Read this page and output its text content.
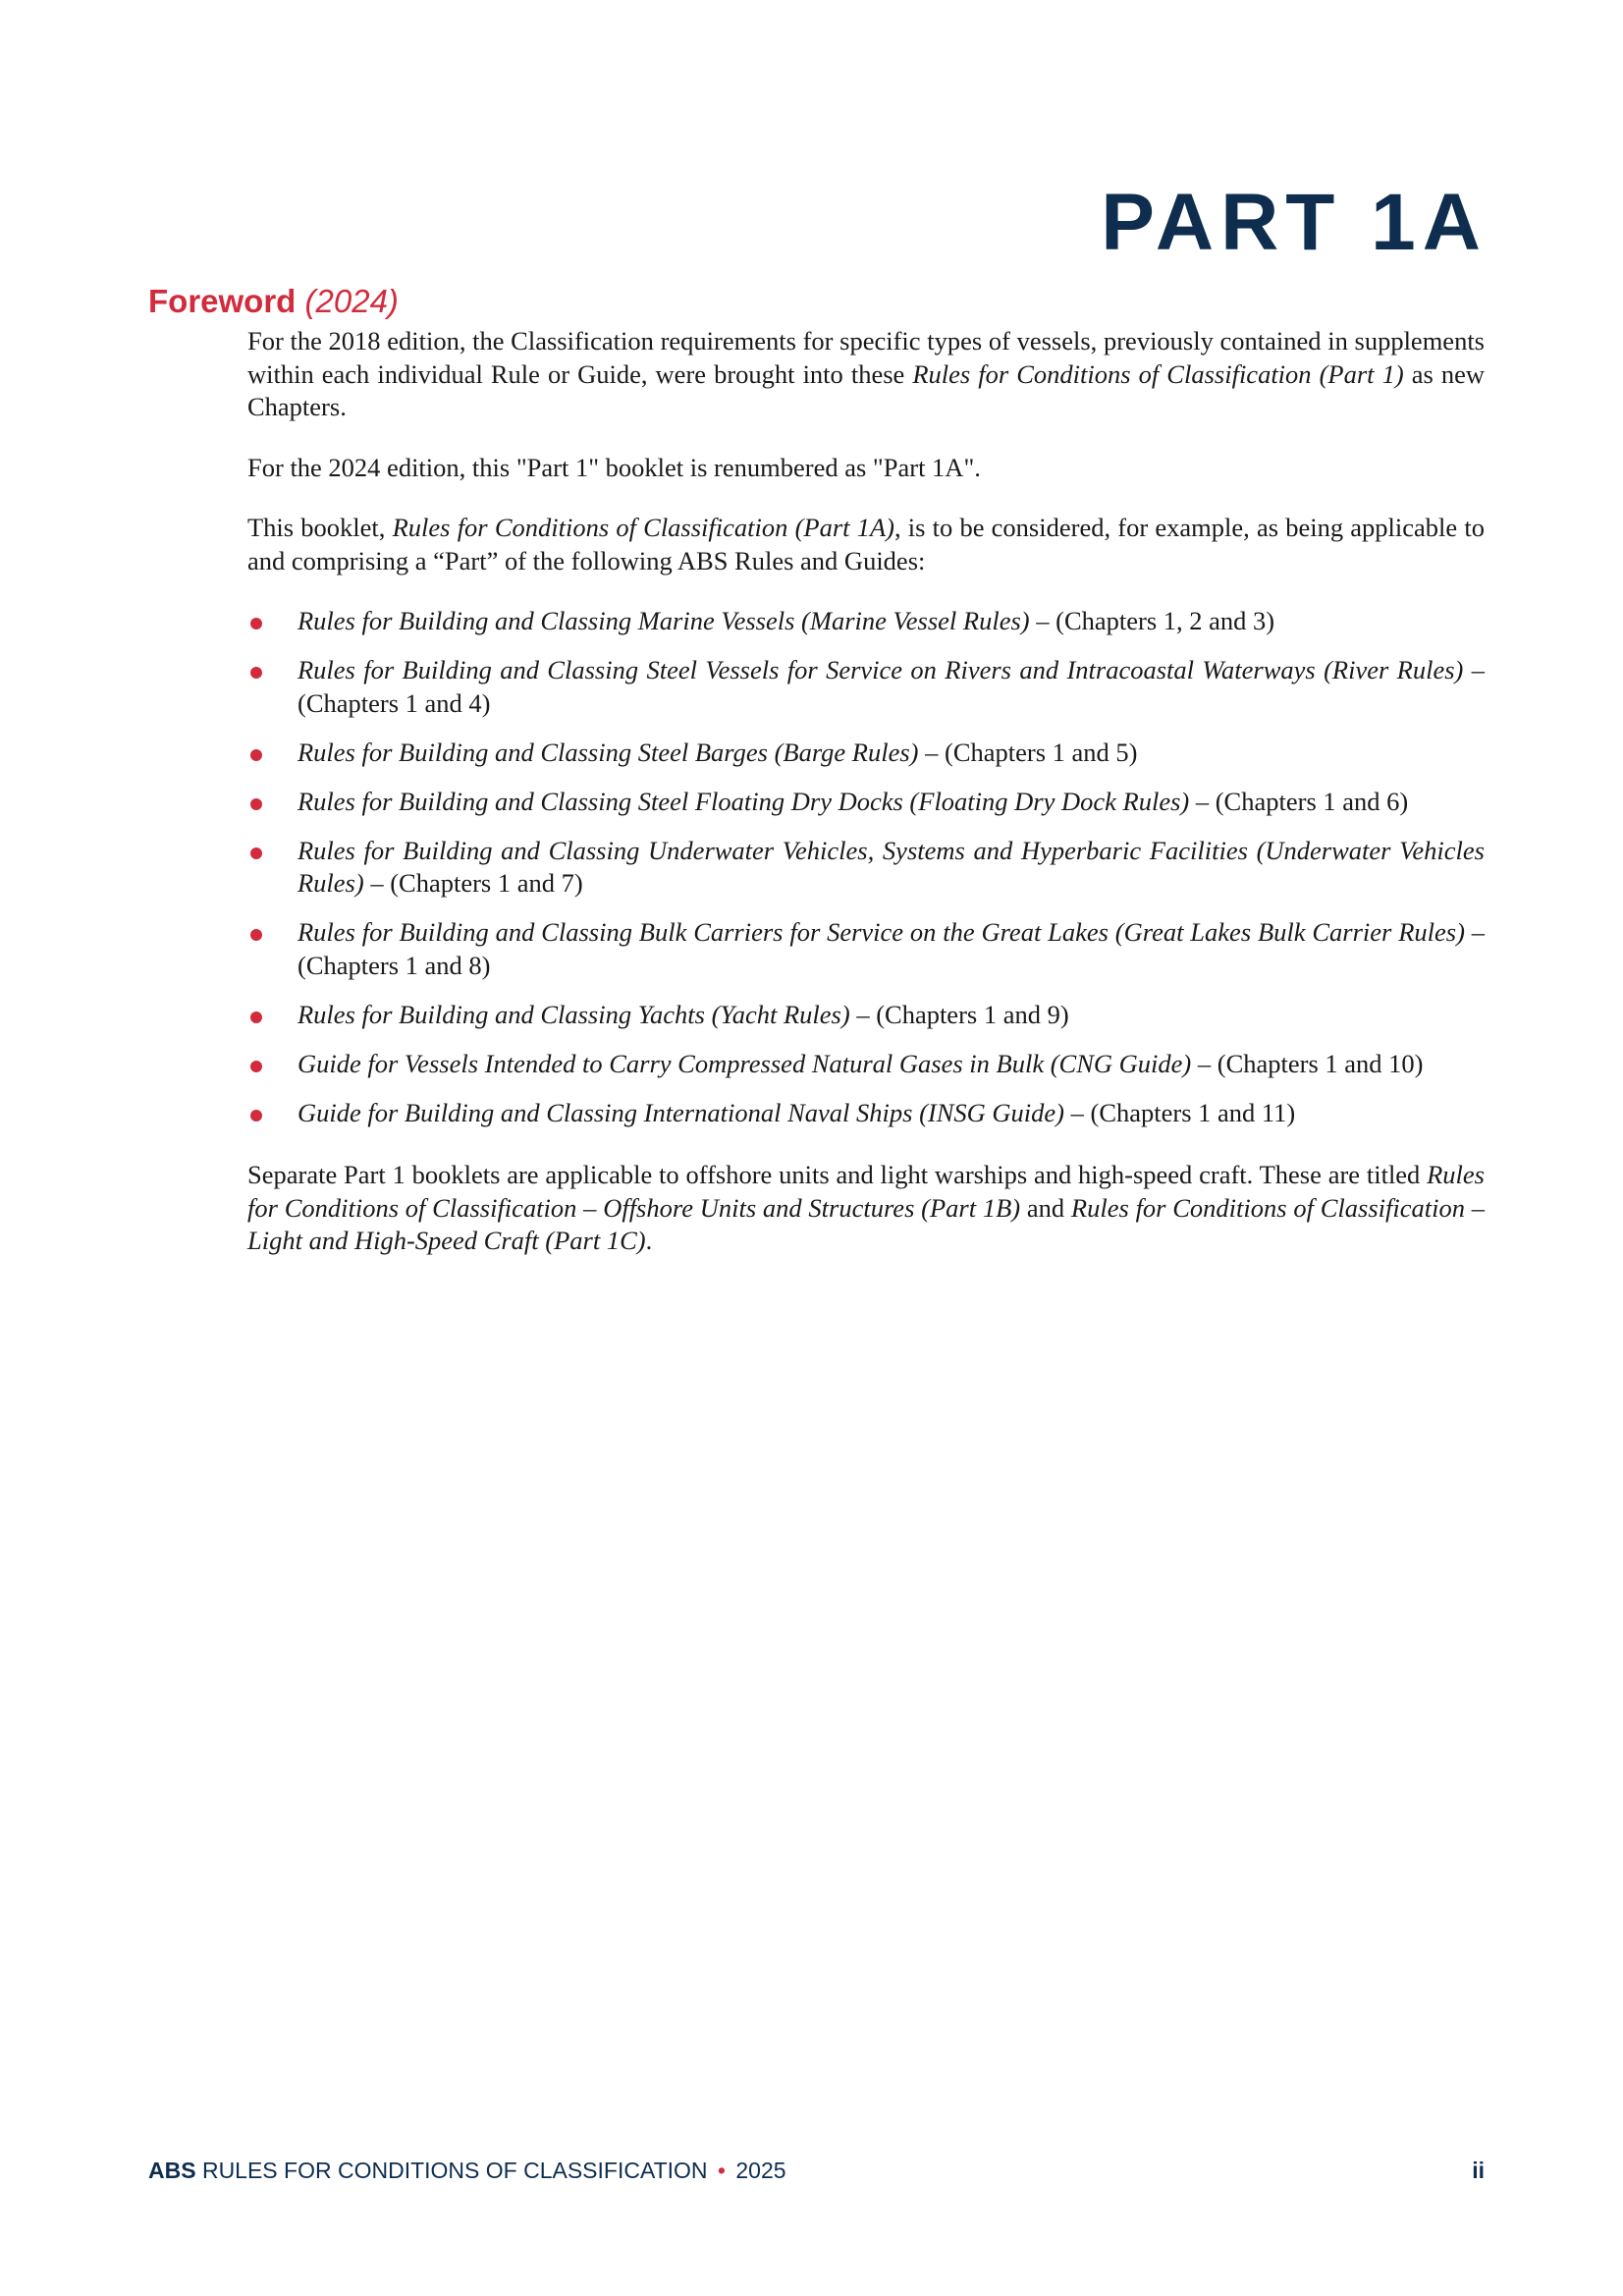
PART 1A
Foreword (2024)

For the 2018 edition, the Classification requirements for specific types of vessels, previously contained in supplements within each individual Rule or Guide, were brought into these Rules for Conditions of Classification (Part 1) as new Chapters.

For the 2024 edition, this "Part 1" booklet is renumbered as "Part 1A".

This booklet, Rules for Conditions of Classification (Part 1A), is to be considered, for example, as being applicable to and comprising a “Part” of the following ABS Rules and Guides:

Rules for Building and Classing Marine Vessels (Marine Vessel Rules) – (Chapters 1, 2 and 3)
Rules for Building and Classing Steel Vessels for Service on Rivers and Intracoastal Waterways (River Rules) – (Chapters 1 and 4)
Rules for Building and Classing Steel Barges (Barge Rules) – (Chapters 1 and 5)
Rules for Building and Classing Steel Floating Dry Docks (Floating Dry Dock Rules) – (Chapters 1 and 6)
Rules for Building and Classing Underwater Vehicles, Systems and Hyperbaric Facilities (Underwater Vehicles Rules) – (Chapters 1 and 7)
Rules for Building and Classing Bulk Carriers for Service on the Great Lakes (Great Lakes Bulk Carrier Rules) – (Chapters 1 and 8)
Rules for Building and Classing Yachts (Yacht Rules) – (Chapters 1 and 9)
Guide for Vessels Intended to Carry Compressed Natural Gases in Bulk (CNG Guide) – (Chapters 1 and 10)
Guide for Building and Classing International Naval Ships (INSG Guide) – (Chapters 1 and 11)

Separate Part 1 booklets are applicable to offshore units and light warships and high-speed craft. These are titled Rules for Conditions of Classification – Offshore Units and Structures (Part 1B) and Rules for Conditions of Classification – Light and High-Speed Craft (Part 1C).

ABS RULES FOR CONDITIONS OF CLASSIFICATION • 2025	ii
